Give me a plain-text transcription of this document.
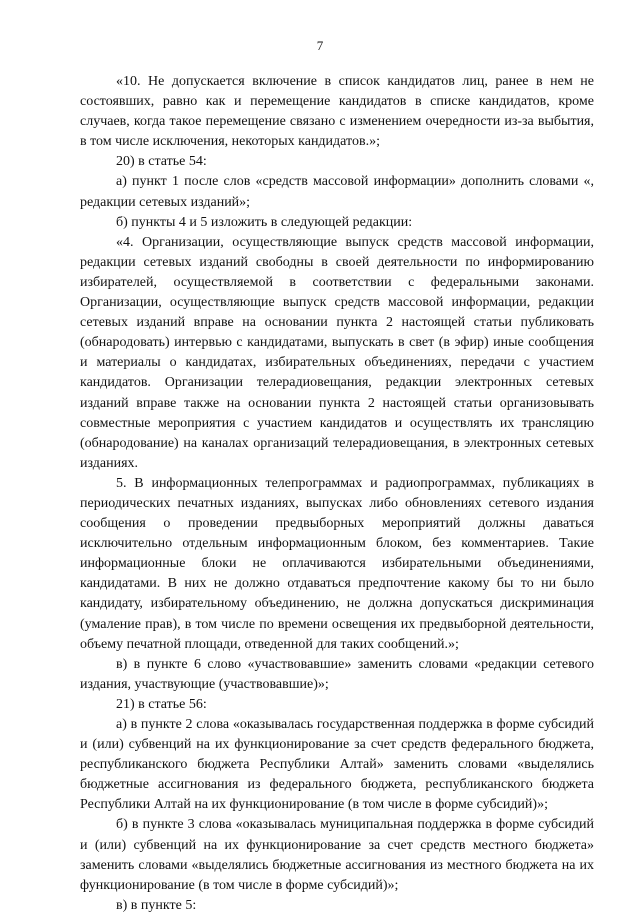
7

«10. Не допускается включение в список кандидатов лиц, ранее в нем не состоявших, равно как и перемещение кандидатов в списке кандидатов, кроме случаев, когда такое перемещение связано с изменением очередности из-за выбытия, в том числе исключения, некоторых кандидатов.»;

20) в статье 54:

а) пункт 1 после слов «средств массовой информации» дополнить словами «, редакции сетевых изданий»;

б) пункты 4 и 5 изложить в следующей редакции:

«4. Организации, осуществляющие выпуск средств массовой информации, редакции сетевых изданий свободны в своей деятельности по информированию избирателей, осуществляемой в соответствии с федеральными законами. Организации, осуществляющие выпуск средств массовой информации, редакции сетевых изданий вправе на основании пункта 2 настоящей статьи публиковать (обнародовать) интервью с кандидатами, выпускать в свет (в эфир) иные сообщения и материалы о кандидатах, избирательных объединениях, передачи с участием кандидатов. Организации телерадиовещания, редакции электронных сетевых изданий вправе также на основании пункта 2 настоящей статьи организовывать совместные мероприятия с участием кандидатов и осуществлять их трансляцию (обнародование) на каналах организаций телерадиовещания, в электронных сетевых изданиях.

5. В информационных телепрограммах и радиопрограммах, публикациях в периодических печатных изданиях, выпусках либо обновлениях сетевого издания сообщения о проведении предвыборных мероприятий должны даваться исключительно отдельным информационным блоком, без комментариев. Такие информационные блоки не оплачиваются избирательными объединениями, кандидатами. В них не должно отдаваться предпочтение какому бы то ни было кандидату, избирательному объединению, не должна допускаться дискриминация (умаление прав), в том числе по времени освещения их предвыборной деятельности, объему печатной площади, отведенной для таких сообщений.»;

в) в пункте 6 слово «участвовавшие» заменить словами «редакции сетевого издания, участвующие (участвовавшие)»;

21) в статье 56:

а) в пункте 2 слова «оказывалась государственная поддержка в форме субсидий и (или) субвенций на их функционирование за счет средств федерального бюджета, республиканского бюджета Республики Алтай» заменить словами «выделялись бюджетные ассигнования из федерального бюджета, республиканского бюджета Республики Алтай на их функционирование (в том числе в форме субсидий)»;

б) в пункте 3 слова «оказывалась муниципальная поддержка в форме субсидий и (или) субвенций на их функционирование за счет средств местного бюджета» заменить словами «выделялись бюджетные ассигнования из местного бюджета на их функционирование (в том числе в форме субсидий)»;

в) в пункте 5:
